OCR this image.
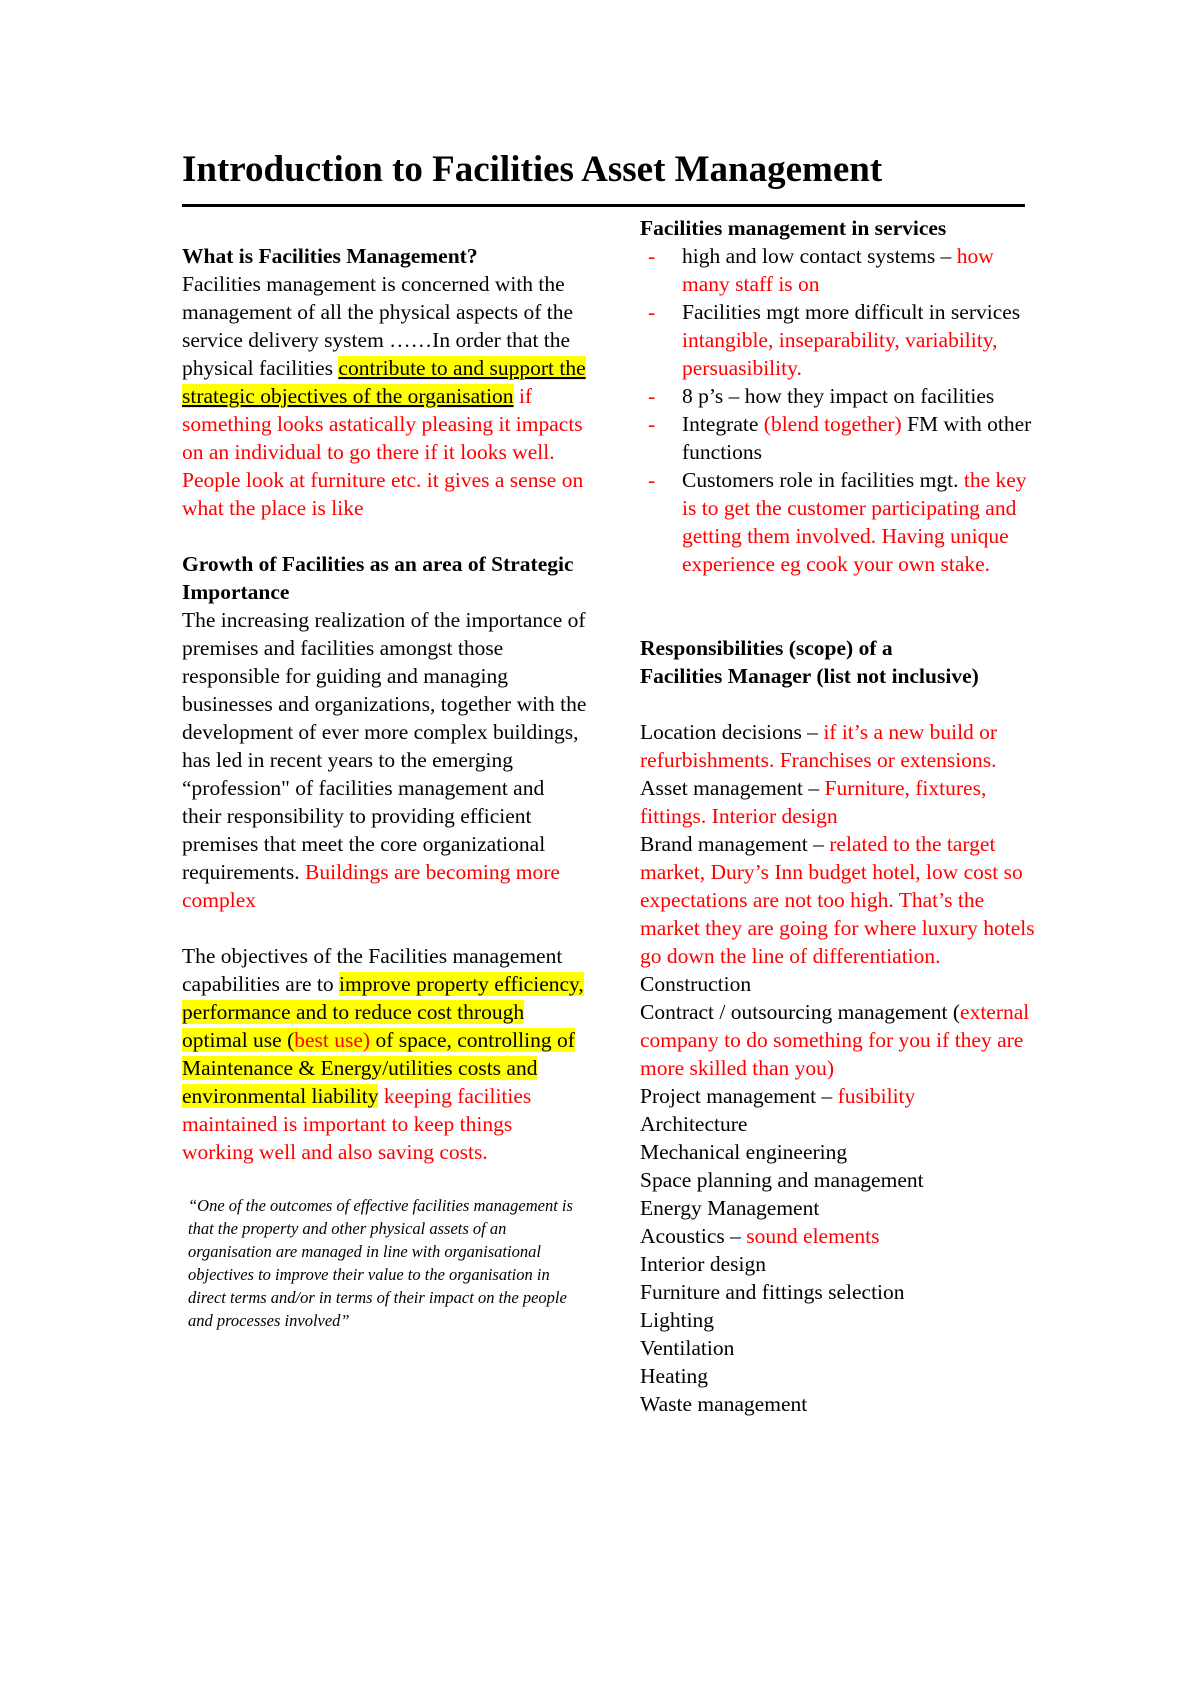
Introduction to Facilities Asset Management

What is Facilities Management?

Facilities management is concerned with the management of all the physical aspects of the service delivery system ……In order that the physical facilities contribute to and support the strategic objectives of the organisation if something looks astatically pleasing it impacts on an individual to go there if it looks well. People look at furniture etc. it gives a sense on what the place is like

Growth of Facilities as an area of Strategic Importance

The increasing realization of the importance of premises and facilities amongst those responsible for guiding and managing businesses and organizations, together with the development of ever more complex buildings, has led in recent years to the emerging “profession" of facilities management and their responsibility to providing efficient premises that meet the core organizational requirements. Buildings are becoming more complex

The objectives of the Facilities management capabilities are to improve property efficiency, performance and to reduce cost through optimal use (best use) of space, controlling of Maintenance & Energy/utilities costs and environmental liability keeping facilities maintained is important to keep things working well and also saving costs.

“One of the outcomes of effective facilities management is that the property and other physical assets of an organisation are managed in line with organisational objectives to improve their value to the organisation in direct terms and/or in terms of their impact on the people and processes involved”

Facilities management in services

- high and low contact systems – how many staff is on
- Facilities mgt more difficult in services intangible, inseparability, variability, persuasibility.
- 8 p’s – how they impact on facilities
- Integrate (blend together) FM with other functions
- Customers role in facilities mgt. the key is to get the customer participating and getting them involved. Having unique experience eg cook your own stake.

Responsibilities (scope) of a

Facilities Manager (list not inclusive)

Location decisions – if it’s a new build or refurbishments. Franchises or extensions.

Asset management – Furniture, fixtures, fittings. Interior design

Brand management – related to the target market, Dury’s Inn budget hotel, low cost so expectations are not too high. That’s the market they are going for where luxury hotels go down the line of differentiation.

Construction

Contract / outsourcing management (external company to do something for you if they are more skilled than you)

Project management – fusibility

Architecture

Mechanical engineering

Space planning and management

Energy Management

Acoustics – sound elements

Interior design

Furniture and fittings selection

Lighting

Ventilation

Heating

Waste management
